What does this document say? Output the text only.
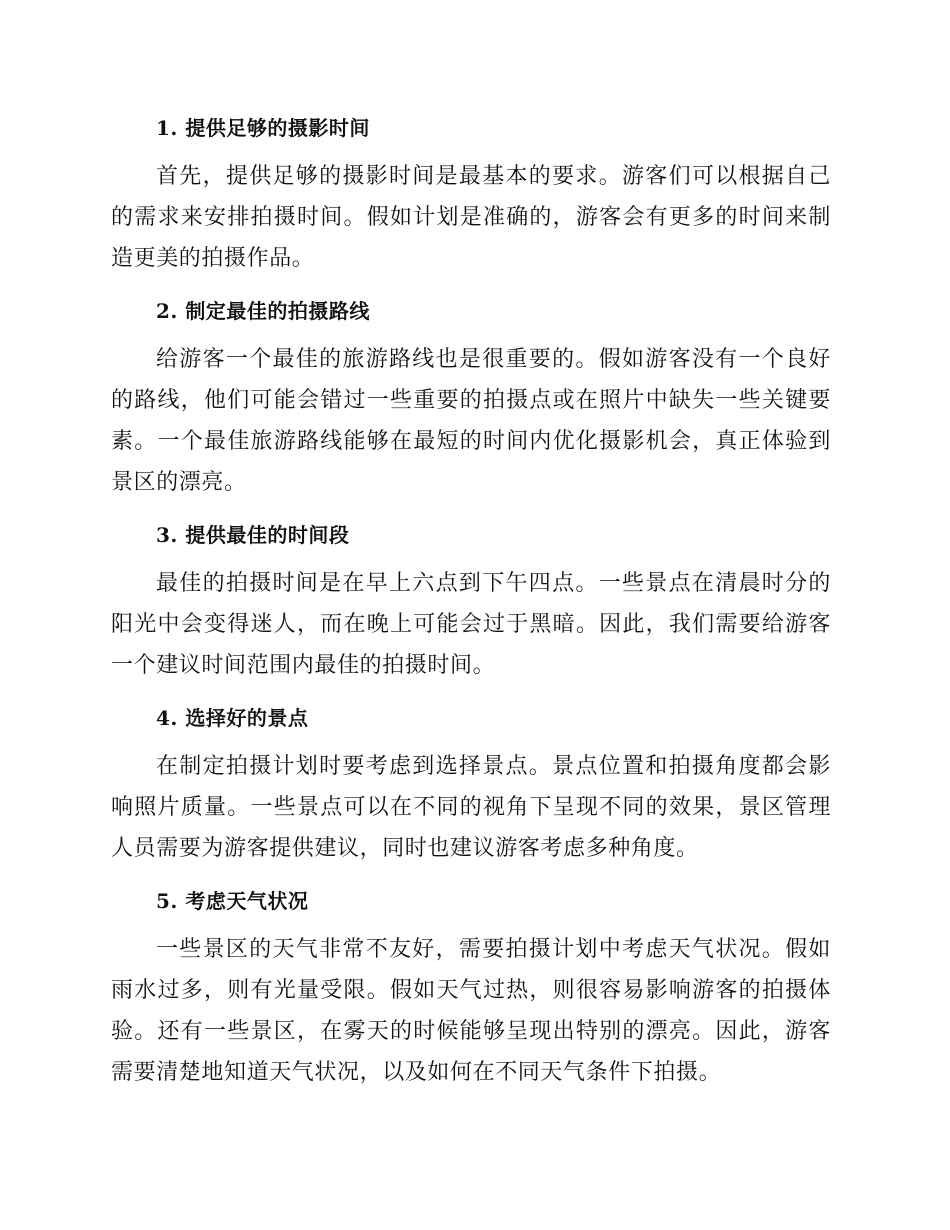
1. 提供足够的摄影时间

首先，提供足够的摄影时间是最基本的要求。游客们可以根据自己的需求来安排拍摄时间。假如计划是准确的，游客会有更多的时间来制造更美的拍摄作品。

2. 制定最佳的拍摄路线

给游客一个最佳的旅游路线也是很重要的。假如游客没有一个良好的路线，他们可能会错过一些重要的拍摄点或在照片中缺失一些关键要素。一个最佳旅游路线能够在最短的时间内优化摄影机会，真正体验到景区的漂亮。

3. 提供最佳的时间段

最佳的拍摄时间是在早上六点到下午四点。一些景点在清晨时分的阳光中会变得迷人，而在晚上可能会过于黑暗。因此，我们需要给游客一个建议时间范围内最佳的拍摄时间。

4. 选择好的景点

在制定拍摄计划时要考虑到选择景点。景点位置和拍摄角度都会影响照片质量。一些景点可以在不同的视角下呈现不同的效果，景区管理人员需要为游客提供建议，同时也建议游客考虑多种角度。

5. 考虑天气状况

一些景区的天气非常不友好，需要拍摄计划中考虑天气状况。假如雨水过多，则有光量受限。假如天气过热，则很容易影响游客的拍摄体验。还有一些景区，在雾天的时候能够呈现出特别的漂亮。因此，游客需要清楚地知道天气状况，以及如何在不同天气条件下拍摄。
